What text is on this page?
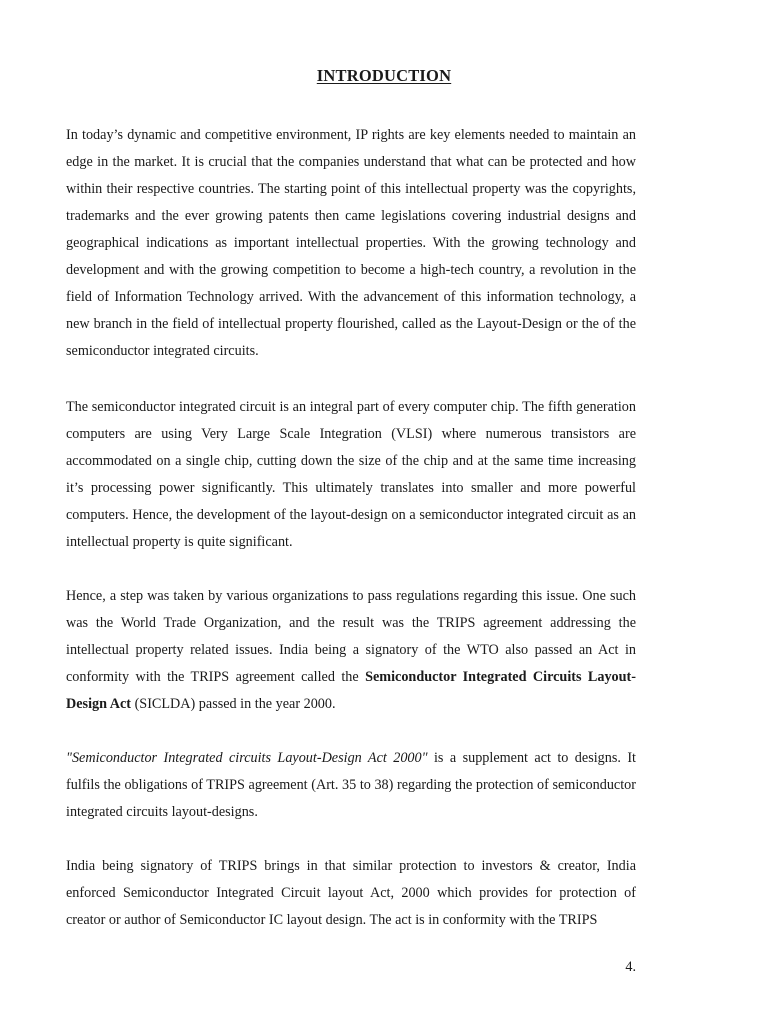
INTRODUCTION

In today’s dynamic and competitive environment, IP rights are key elements needed to maintain an edge in the market. It is crucial that the companies understand that what can be protected and how within their respective countries. The starting point of this intellectual property was the copyrights, trademarks and the ever growing patents then came legislations covering industrial designs and geographical indications as important intellectual properties. With the growing technology and development and with the growing competition to become a high-tech country, a revolution in the field of Information Technology arrived. With the advancement of this information technology, a new branch in the field of intellectual property flourished, called as the Layout-Design or the of the semiconductor integrated circuits.

The semiconductor integrated circuit is an integral part of every computer chip. The fifth generation computers are using Very Large Scale Integration (VLSI) where numerous transistors are accommodated on a single chip, cutting down the size of the chip and at the same time increasing it’s processing power significantly. This ultimately translates into smaller and more powerful computers. Hence, the development of the layout-design on a semiconductor integrated circuit as an intellectual property is quite significant.

Hence, a step was taken by various organizations to pass regulations regarding this issue. One such was the World Trade Organization, and the result was the TRIPS agreement addressing the intellectual property related issues. India being a signatory of the WTO also passed an Act in conformity with the TRIPS agreement called the Semiconductor Integrated Circuits Layout-Design Act (SICLDA) passed in the year 2000.

"Semiconductor Integrated circuits Layout-Design Act 2000" is a supplement act to designs. It fulfils the obligations of TRIPS agreement (Art. 35 to 38) regarding the protection of semiconductor integrated circuits layout-designs.

India being signatory of TRIPS brings in that similar protection to investors & creator, India enforced Semiconductor Integrated Circuit layout Act, 2000 which provides for protection of creator or author of Semiconductor IC layout design. The act is in conformity with the TRIPS

4.
